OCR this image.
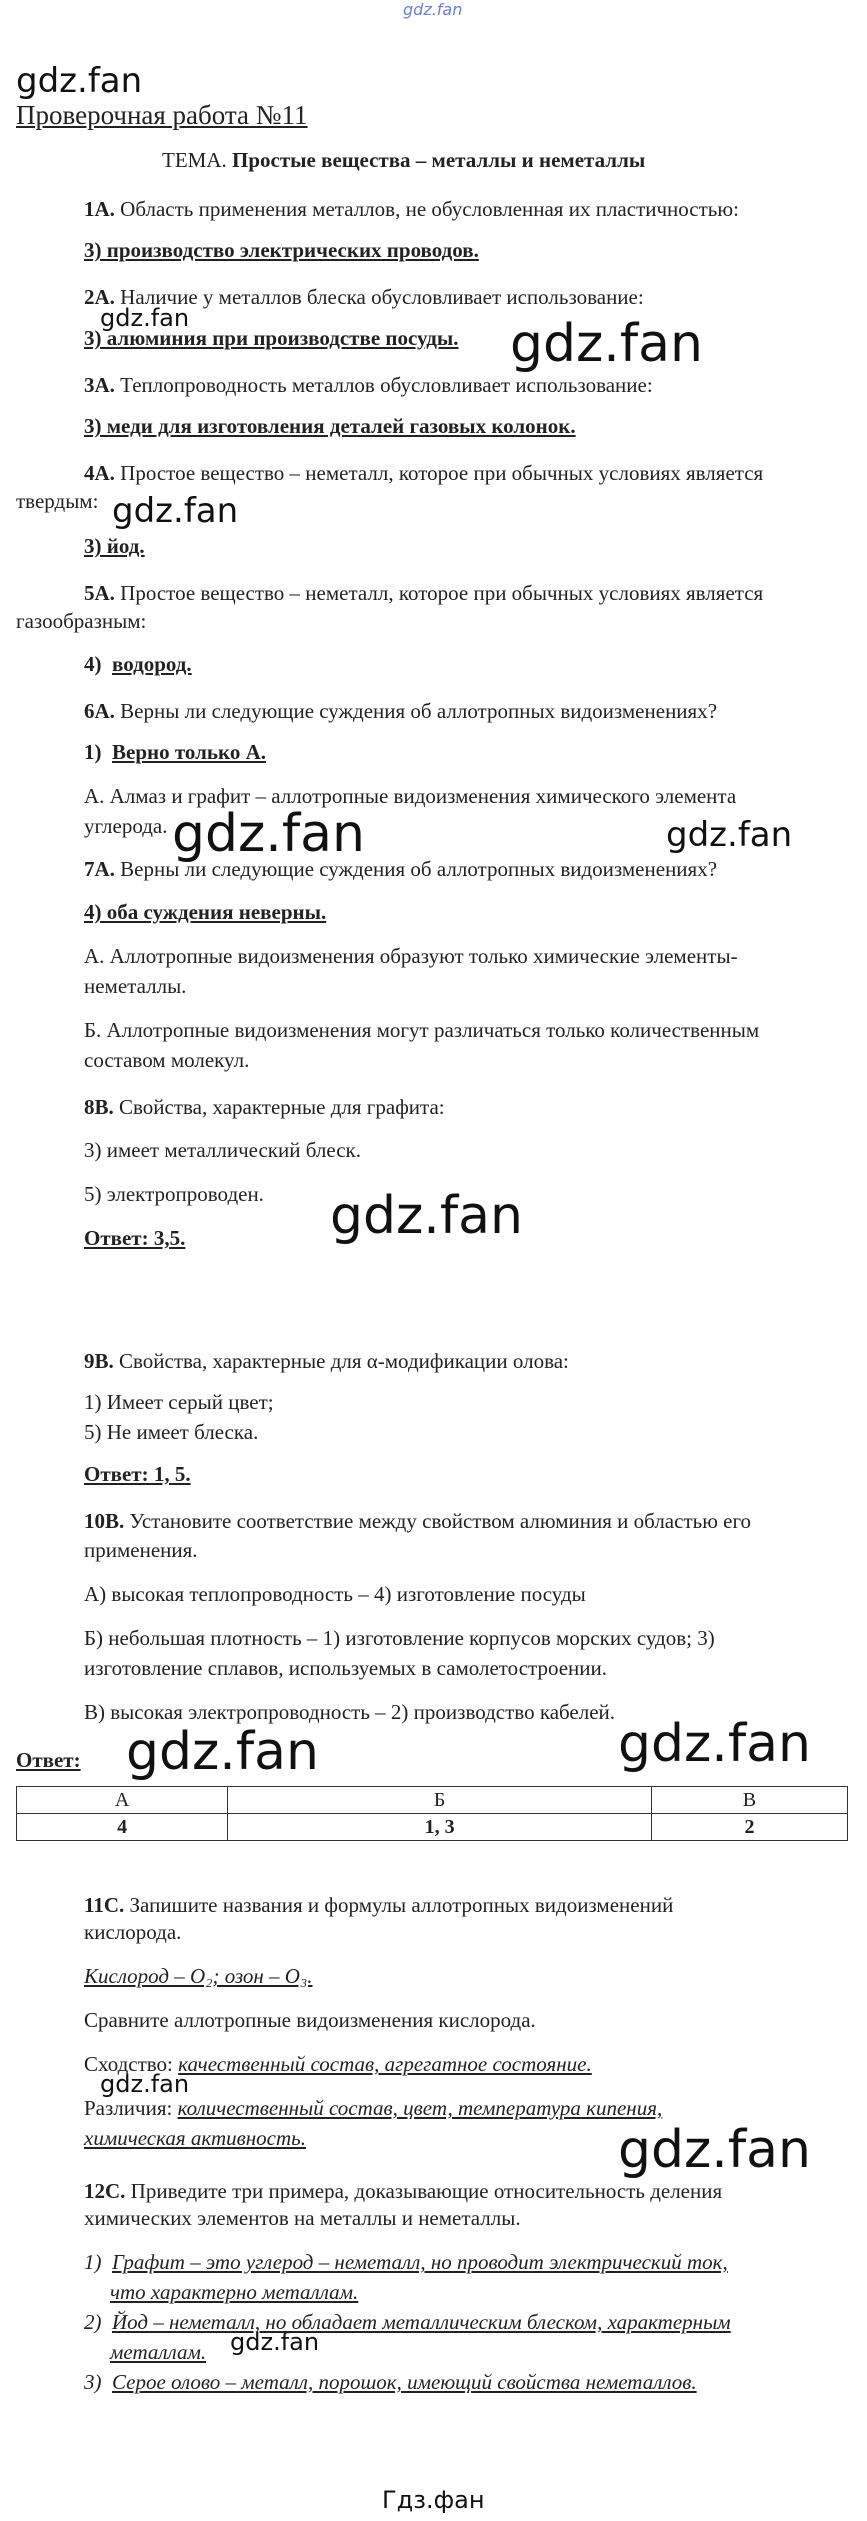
gdz.fan
gdz.fan
gdz.fan	gdz.fan
gdz.fan
gdz.fan	gdz.fan
gdz.fan
gdz.fan	gdz.fan
gdz.fan
gdz.fan
gdz.fan
Гдз.фан
Проверочная работа №11
ТЕМА. Простые вещества – металлы и неметаллы
1А. Область применения металлов, не обусловленная их пластичностью:
3) производство электрических проводов.
2А. Наличие у металлов блеска обусловливает использование:
3) алюминия при производстве посуды.
3А. Теплопроводность металлов обусловливает использование:
3) меди для изготовления деталей газовых колонок.
4А. Простое вещество – неметалл, которое при обычных условиях является
твердым:
3) йод.
5А. Простое вещество – неметалл, которое при обычных условиях является
газообразным:
4) водород.
6А. Верны ли следующие суждения об аллотропных видоизменениях?
1) Верно только А.
А. Алмаз и графит – аллотропные видоизменения химического элемента
углерода.
7А. Верны ли следующие суждения об аллотропных видоизменениях?
4) оба суждения неверны.
А. Аллотропные видоизменения образуют только химические элементы-
неметаллы.
Б. Аллотропные видоизменения могут различаться только количественным
составом молекул.
8В. Свойства, характерные для графита:
3) имеет металлический блеск.
5) электропроводен.
Ответ: 3,5.
9В. Свойства, характерные для α-модификации олова:
1) Имеет серый цвет;
5) Не имеет блеска.
Ответ: 1, 5.
10В. Установите соответствие между свойством алюминия и областью его
применения.
А) высокая теплопроводность – 4) изготовление посуды
Б) небольшая плотность – 1) изготовление корпусов морских судов; 3)
изготовление сплавов, используемых в самолетостроении.
В) высокая электропроводность – 2) производство кабелей.
Ответ:
А	Б	В
4	1, 3	2
11С. Запишите названия и формулы аллотропных видоизменений
кислорода.
Кислород – O₂; озон – O₃.
Сравните аллотропные видоизменения кислорода.
Сходство: качественный состав, агрегатное состояние.
Различия: количественный состав, цвет, температура кипения,
химическая активность.
12С. Приведите три примера, доказывающие относительность деления
химических элементов на металлы и неметаллы.
1) Графит – это углерод – неметалл, но проводит электрический ток,
что характерно металлам.
2) Йод – неметалл, но обладает металлическим блеском, характерным
металлам.
3) Серое олово – металл, порошок, имеющий свойства неметаллов.
